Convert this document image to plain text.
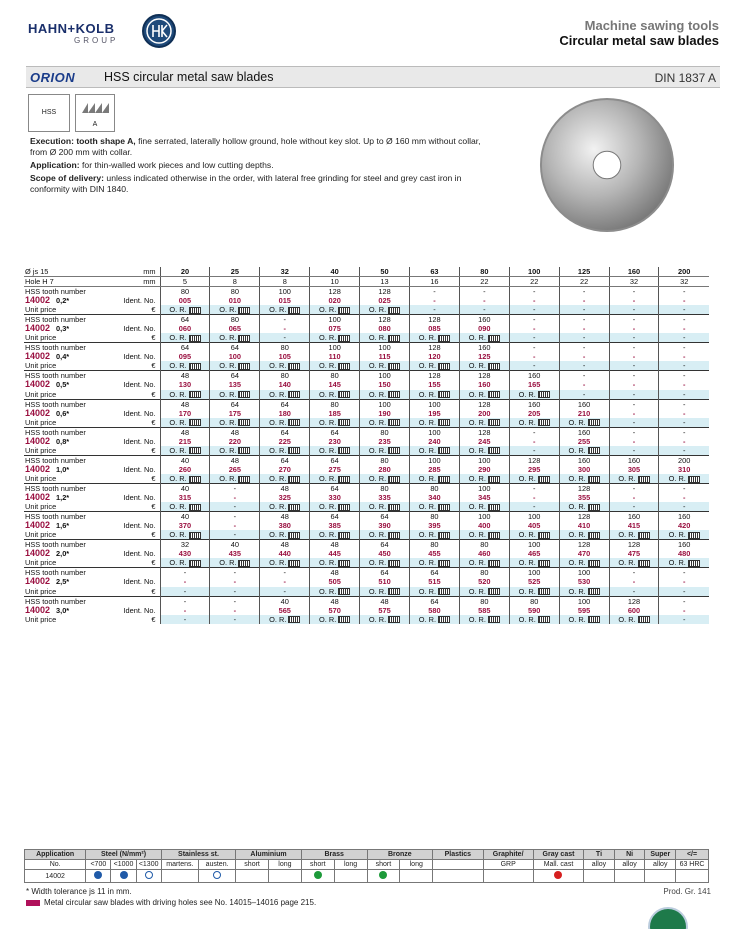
HAHN+KOLB
GROUP
Machine sawing tools
Circular metal saw blades
ORION HSS circular metal saw blades	DIN 1837 A
HSS
A

Execution: tooth shape A, fine serrated, laterally hollow ground, hole without key slot. Up to Ø 160 mm without collar, from Ø 200 mm with collar.

Application: for thin-walled work pieces and low cutting depths.

Scope of delivery: unless indicated otherwise in the order, with lateral free grinding for steel and grey cast iron in conformity with DIN 1840.

Ø js 15 mm	20	25	32	40	50	63	80	100	125	160	200
Hole H 7 mm	5	8	8	10	13	16	22	22	22	32	32
HSS tooth number	80	80	100	128	128	-	-	-	-	-	-
14002 0,2* Ident. No.	005	010	015	020	025	-	-	-	-	-	-
Unit price €	O. R.	O. R.	O. R.	O. R.	O. R.	-	-	-	-	-	-
HSS tooth number	64	80	-	100	128	128	160	-	-	-	-
14002 0,3* Ident. No.	060	065	-	075	080	085	090	-	-	-	-
Unit price €	O. R.	O. R.	-	O. R.	O. R.	O. R.	O. R.	-	-	-	-
HSS tooth number	64	64	80	100	100	128	160	-	-	-	-
14002 0,4* Ident. No.	095	100	105	110	115	120	125	-	-	-	-
Unit price €	O. R.	O. R.	O. R.	O. R.	O. R.	O. R.	O. R.	-	-	-	-
HSS tooth number	48	64	80	80	100	128	128	160	-	-	-
14002 0,5* Ident. No.	130	135	140	145	150	155	160	165	-	-	-
Unit price €	O. R.	O. R.	O. R.	O. R.	O. R.	O. R.	O. R.	O. R.	-	-	-
HSS tooth number	48	64	64	80	100	100	128	160	160	-	-
14002 0,6* Ident. No.	170	175	180	185	190	195	200	205	210	-	-
Unit price €	O. R.	O. R.	O. R.	O. R.	O. R.	O. R.	O. R.	O. R.	O. R.	-	-
HSS tooth number	48	48	64	64	80	100	128	-	160	-	-
14002 0,8* Ident. No.	215	220	225	230	235	240	245	-	255	-	-
Unit price €	O. R.	O. R.	O. R.	O. R.	O. R.	O. R.	O. R.	-	O. R.	-	-
HSS tooth number	40	48	64	64	80	100	100	128	160	160	200
14002 1,0* Ident. No.	260	265	270	275	280	285	290	295	300	305	310
Unit price €	O. R.	O. R.	O. R.	O. R.	O. R.	O. R.	O. R.	O. R.	O. R.	O. R.	O. R.
HSS tooth number	40	-	48	64	80	80	100	-	128	-	-
14002 1,2* Ident. No.	315	-	325	330	335	340	345	-	355	-	-
Unit price €	O. R.	-	O. R.	O. R.	O. R.	O. R.	O. R.	-	O. R.	-	-
HSS tooth number	40	-	48	64	64	80	100	100	128	160	160
14002 1,6* Ident. No.	370	-	380	385	390	395	400	405	410	415	420
Unit price €	O. R.	-	O. R.	O. R.	O. R.	O. R.	O. R.	O. R.	O. R.	O. R.	O. R.
HSS tooth number	32	40	48	48	64	80	80	100	128	128	160
14002 2,0* Ident. No.	430	435	440	445	450	455	460	465	470	475	480
Unit price €	O. R.	O. R.	O. R.	O. R.	O. R.	O. R.	O. R.	O. R.	O. R.	O. R.	O. R.
HSS tooth number	-	-	-	48	64	64	80	100	100	-	-
14002 2,5* Ident. No.	-	-	-	505	510	515	520	525	530	-	-
Unit price €	-	-	-	O. R.	O. R.	O. R.	O. R.	O. R.	O. R.	-	-
HSS tooth number	-	-	40	48	48	64	80	80	100	128	-
14002 3,0* Ident. No.	-	-	565	570	575	580	585	590	595	600	-
Unit price €	-	-	O. R.	O. R.	O. R.	O. R.	O. R.	O. R.	O. R.	O. R.	-
Application	Steel (N/mm²)			Stainless st.		Aluminium		Brass		Bronze		Plastics	Graphite/	Gray cast	Ti	Ni	Super	</=
No.	<700	<1000	<1300	martens.	austen.	short	long	short	long	short	long		GRP	Mall. cast	alloy	alloy	alloy	63 HRC
14002																		
* Width tolerance js 11 in mm.
Metal circular saw blades with driving holes see No. 14015–14016 page 215.
Prod. Gr. 141
